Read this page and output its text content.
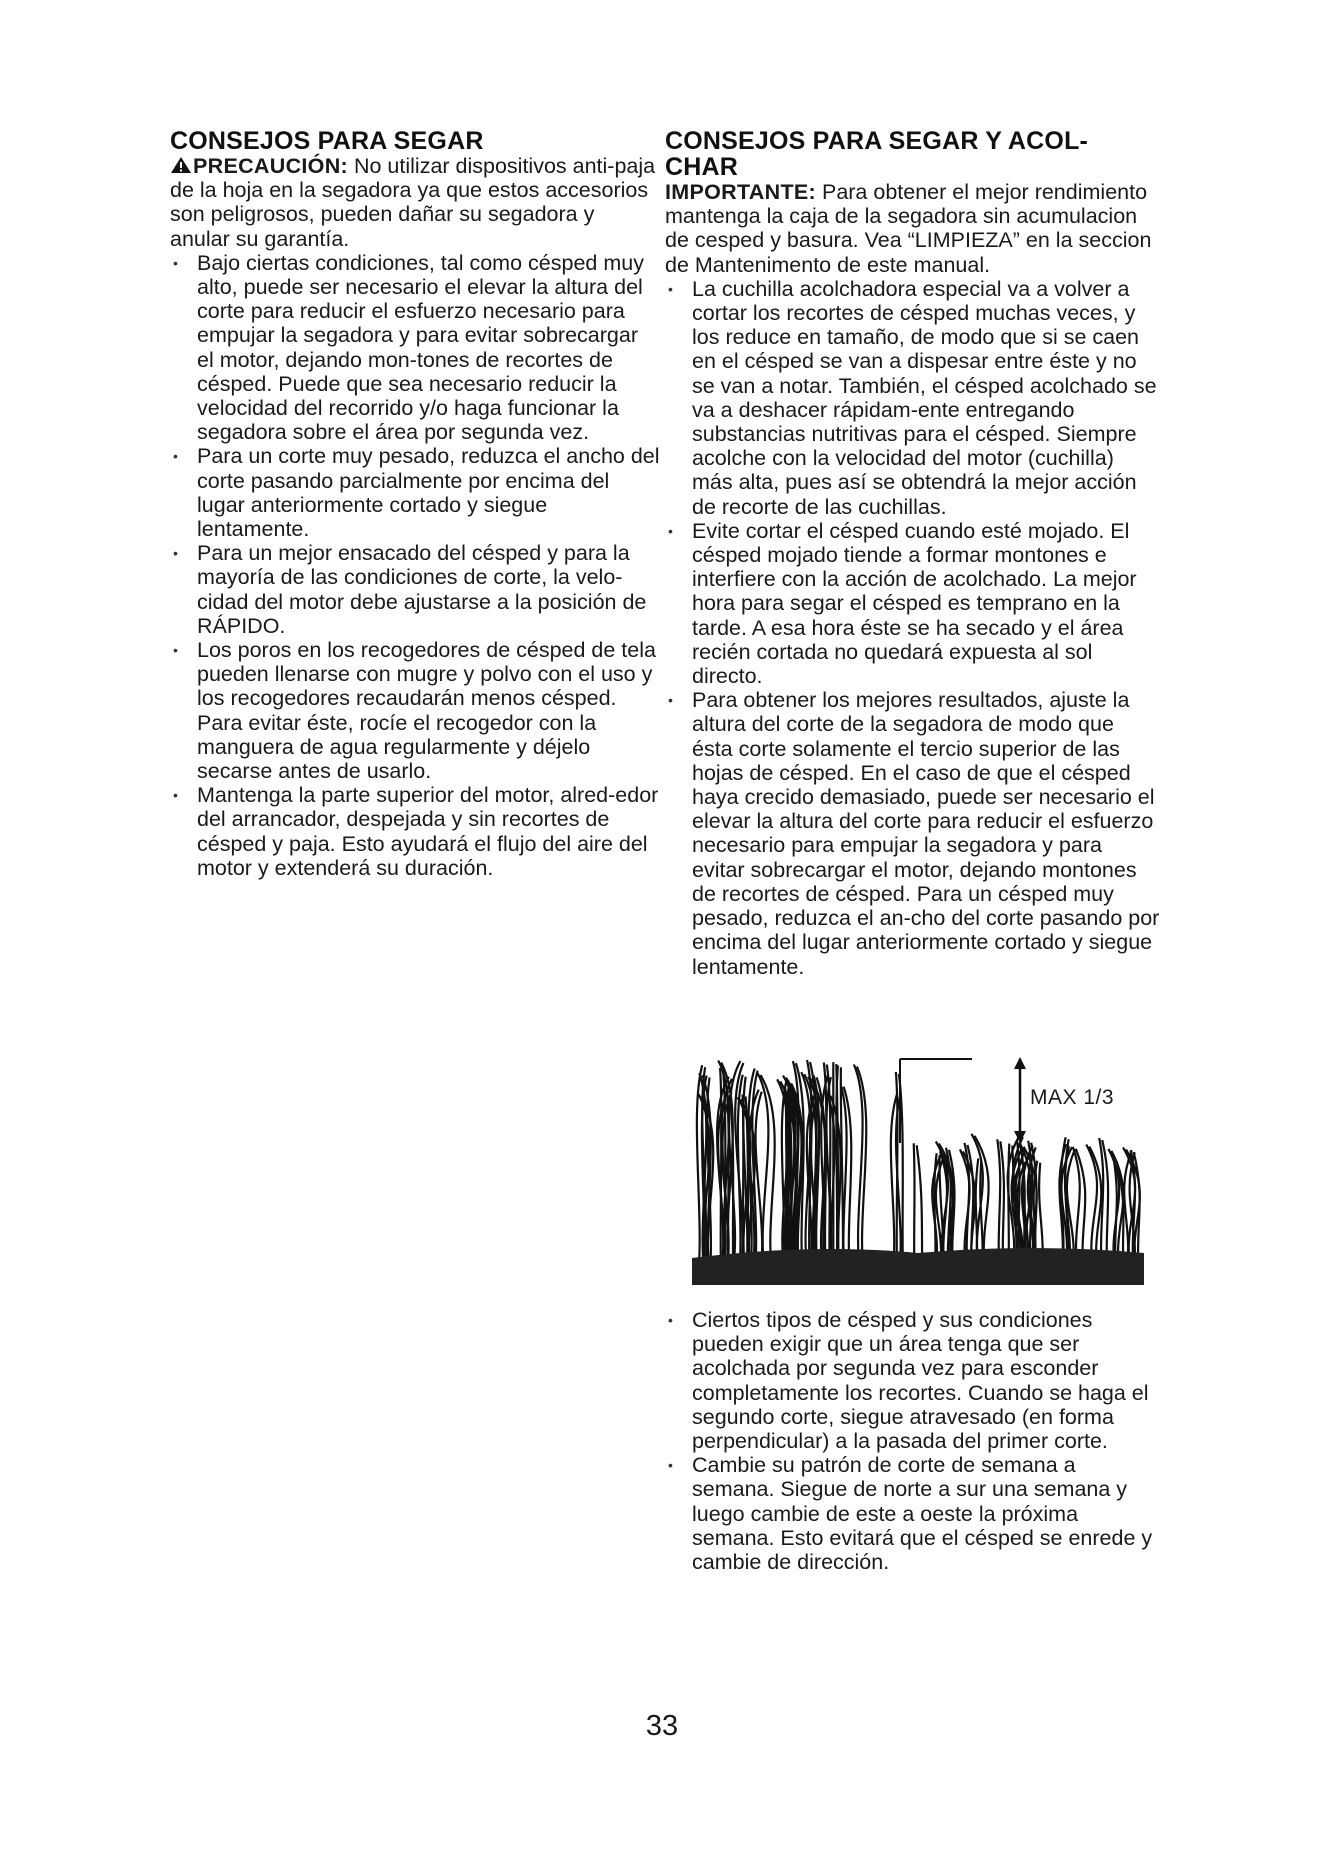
CONSEJOS PARA SEGAR

PRECAUCIÓN: No utilizar dispositivos anti-paja de la hoja en la segadora ya que estos accesorios son peligrosos, pueden dañar su segadora y anular su garantía.

• Bajo ciertas condiciones, tal como césped muy alto, puede ser necesario el elevar la altura del corte para reducir el esfuerzo necesario para empujar la segadora y para evitar sobrecargar el motor, dejando mon-tones de recortes de césped. Puede que sea necesario reducir la velocidad del recorrido y/o haga funcionar la segadora sobre el área por segunda vez.
• Para un corte muy pesado, reduzca el ancho del corte pasando parcialmente por encima del lugar anteriormente cortado y siegue lentamente.
• Para un mejor ensacado del césped y para la mayoría de las condiciones de corte, la velo-cidad del motor debe ajustarse a la posición de RÁPIDO.
• Los poros en los recogedores de césped de tela pueden llenarse con mugre y polvo con el uso y los recogedores recaudarán menos césped. Para evitar éste, rocíe el recogedor con la manguera de agua regularmente y déjelo secarse antes de usarlo.
• Mantenga la parte superior del motor, alred-edor del arrancador, despejada y sin recortes de césped y paja. Esto ayudará el flujo del aire del motor y extenderá su duración.
CONSEJOS PARA SEGAR Y ACOL-CHAR

IMPORTANTE: Para obtener el mejor rendimiento mantenga la caja de la segadora sin acumulacion de cesped y basura. Vea “LIMPIEZA” en la seccion de Mantenimento de este manual.

• La cuchilla acolchadora especial va a volver a cortar los recortes de césped muchas veces, y los reduce en tamaño, de modo que si se caen en el césped se van a dispesar entre éste y no se van a notar. También, el césped acolchado se va a deshacer rápidam-ente entregando substancias nutritivas para el césped. Siempre acolche con la velocidad del motor (cuchilla) más alta, pues así se obtendrá la mejor acción de recorte de las cuchillas.
• Evite cortar el césped cuando esté mojado. El césped mojado tiende a formar montones e interfiere con la acción de acolchado. La mejor hora para segar el césped es temprano en la tarde. A esa hora éste se ha secado y el área recién cortada no quedará expuesta al sol directo.
• Para obtener los mejores resultados, ajuste la altura del corte de la segadora de modo que ésta corte solamente el tercio superior de las hojas de césped. En el caso de que el césped haya crecido demasiado, puede ser necesario el elevar la altura del corte para reducir el esfuerzo necesario para empujar la segadora y para evitar sobrecargar el motor, dejando montones de recortes de césped. Para un césped muy pesado, reduzca el an-cho del corte pasando por encima del lugar anteriormente cortado y siegue lentamente.
MAX 1/3
• Ciertos tipos de césped y sus condiciones pueden exigir que un área tenga que ser acolchada por segunda vez para esconder completamente los recortes. Cuando se haga el segundo corte, siegue atravesado (en forma perpendicular) a la pasada del primer corte.
• Cambie su patrón de corte de semana a semana. Siegue de norte a sur una semana y luego cambie de este a oeste la próxima semana. Esto evitará que el césped se enrede y cambie de dirección.
33
